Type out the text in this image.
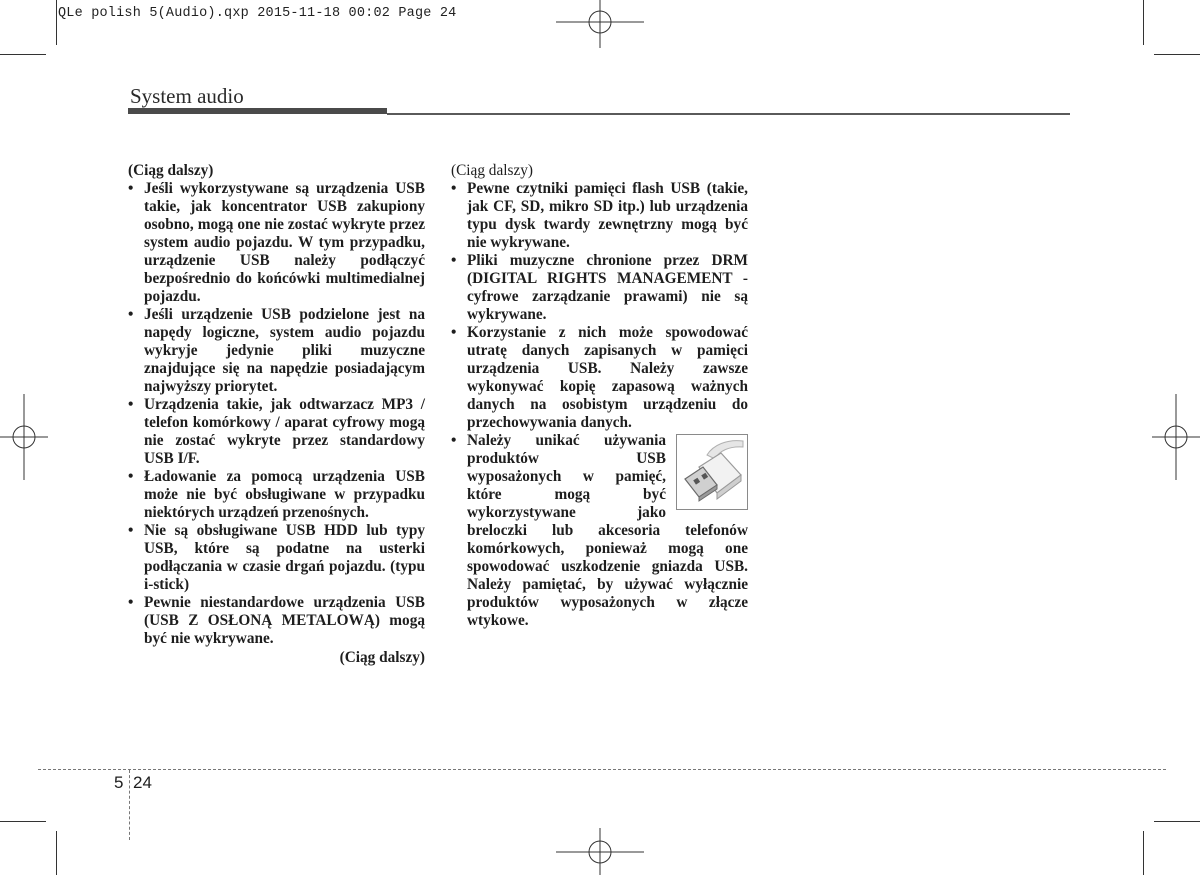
QLe polish 5(Audio).qxp 2015-11-18 00:02 Page 24
System audio

(Ciąg dalszy)

• Jeśli wykorzystywane są urządzenia USB takie, jak koncentrator USB zakupiony osobno, mogą one nie zostać wykryte przez system audio pojazdu. W tym przypadku, urządzenie USB należy podłączyć bezpośrednio do końcówki multimedialnej pojazdu.
• Jeśli urządzenie USB podzielone jest na napędy logiczne, system audio pojazdu wykryje jedynie pliki muzyczne znajdujące się na napędzie posiadającym najwyższy priorytet.
• Urządzenia takie, jak odtwarzacz MP3 / telefon komórkowy / aparat cyfrowy mogą nie zostać wykryte przez standardowy USB I/F.
• Ładowanie za pomocą urządzenia USB może nie być obsługiwane w przypadku niektórych urządzeń przenośnych.
• Nie są obsługiwane USB HDD lub typy USB, które są podatne na usterki podłączania w czasie drgań pojazdu. (typu i-stick)
• Pewnie niestandardowe urządzenia USB (USB Z OSŁONĄ METALOWĄ) mogą być nie wykrywane.

(Ciąg dalszy)

(Ciąg dalszy)

• Pewne czytniki pamięci flash USB (takie, jak CF, SD, mikro SD itp.) lub urządzenia typu dysk twardy zewnętrzny mogą być nie wykrywane.
• Pliki muzyczne chronione przez DRM (DIGITAL RIGHTS MANAGEMENT - cyfrowe zarządzanie prawami) nie są wykrywane.
• Korzystanie z nich może spowodować utratę danych zapisanych w pamięci urządzenia USB. Należy zawsze wykonywać kopię zapasową ważnych danych na osobistym urządzeniu do przechowywania danych.
• Należy unikać używania produktów USB wyposażonych w pamięć, które mogą być wykorzystywane jako breloczki lub akcesoria telefonów komórkowych, ponieważ mogą one spowodować uszkodzenie gniazda USB. Należy pamiętać, by używać wyłącznie produktów wyposażonych w złącze wtykowe.
5 24
